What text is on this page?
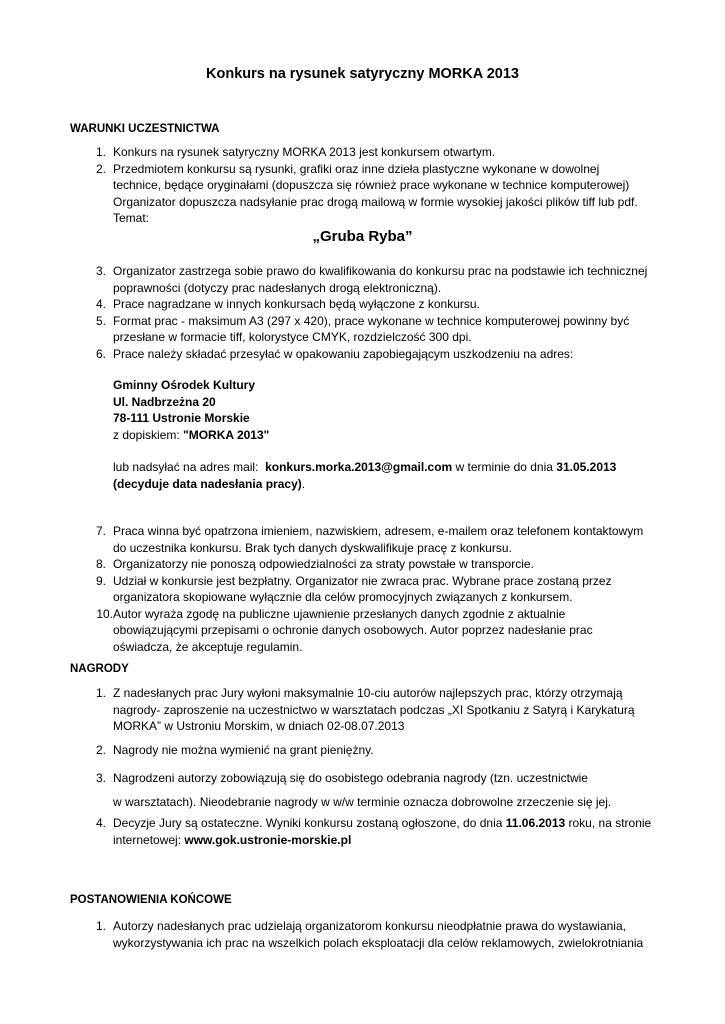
Konkurs na rysunek satyryczny MORKA 2013
WARUNKI UCZESTNICTWA
1. Konkurs na rysunek satyryczny MORKA 2013 jest konkursem otwartym.
2. Przedmiotem konkursu są rysunki, grafiki oraz inne dzieła plastyczne wykonane w dowolnej
technice, będące oryginałami (dopuszcza się również prace wykonane w technice komputerowej)
Organizator dopuszcza nadsyłanie prac drogą mailową w formie wysokiej jakości plików tiff lub pdf.
Temat:
„Gruba Ryba”
3. Organizator zastrzega sobie prawo do kwalifikowania do konkursu prac na podstawie ich technicznej
poprawności (dotyczy prac nadesłanych drogą elektroniczną).
4. Prace nagradzane w innych konkursach będą wyłączone z konkursu.
5. Format prac - maksimum A3 (297 x 420), prace wykonane w technice komputerowej powinny być
przesłane w formacie tiff, kolorystyce CMYK, rozdzielczość 300 dpi.
6. Prace należy składać przesyłać w opakowaniu zapobiegającym uszkodzeniu na adres:
Gminny Ośrodek Kultury
Ul. Nadbrzeżna 20
78-111 Ustronie Morskie
z dopiskiem: "MORKA 2013"
lub nadsyłać na adres mail:  konkurs.morka.2013@gmail.com w terminie do dnia 31.05.2013
(decyduje data nadesłania pracy).
7. Praca winna być opatrzona imieniem, nazwiskiem, adresem, e-mailem oraz telefonem kontaktowym
do uczestnika konkursu. Brak tych danych dyskwalifikuje pracę z konkursu.
8. Organizatorzy nie ponoszą odpowiedzialności za straty powstałe w transporcie.
9. Udział w konkursie jest bezpłatny. Organizator nie zwraca prac. Wybrane prace zostaną przez
organizatora skopiowane wyłącznie dla celów promocyjnych związanych z konkursem.
10. Autor wyraża zgodę na publiczne ujawnienie przesłanych danych zgodnie z aktualnie
obowiązującymi przepisami o ochronie danych osobowych. Autor poprzez nadesłanie prac
oświadcza, że akceptuje regulamin.
NAGRODY
1. Z nadesłanych prac Jury wyłoni maksymalnie 10-ciu autorów najlepszych prac, którzy otrzymają
nagrody- zaproszenie na uczestnictwo w warsztatach podczas „XI Spotkaniu z Satyrą i Karykaturą
MORKA” w Ustroniu Morskim, w dniach 02-08.07.2013
2. Nagrody nie można wymienić na grant pieniężny.
3. Nagrodzeni autorzy zobowiązują się do osobistego odebrania nagrody (tzn. uczestnictwie
w warsztatach). Nieodebranie nagrody w w/w terminie oznacza dobrowolne zrzeczenie się jej.
4. Decyzje Jury są ostateczne. Wyniki konkursu zostaną ogłoszone, do dnia 11.06.2013 roku, na stronie
internetowej: www.gok.ustronie-morskie.pl
POSTANOWIENIA KOŃCOWE
1. Autorzy nadesłanych prac udzielają organizatorom konkursu nieodpłatnie prawa do wystawiania,
wykorzystywania ich prac na wszelkich polach eksploatacji dla celów reklamowych, zwielokrotniania
